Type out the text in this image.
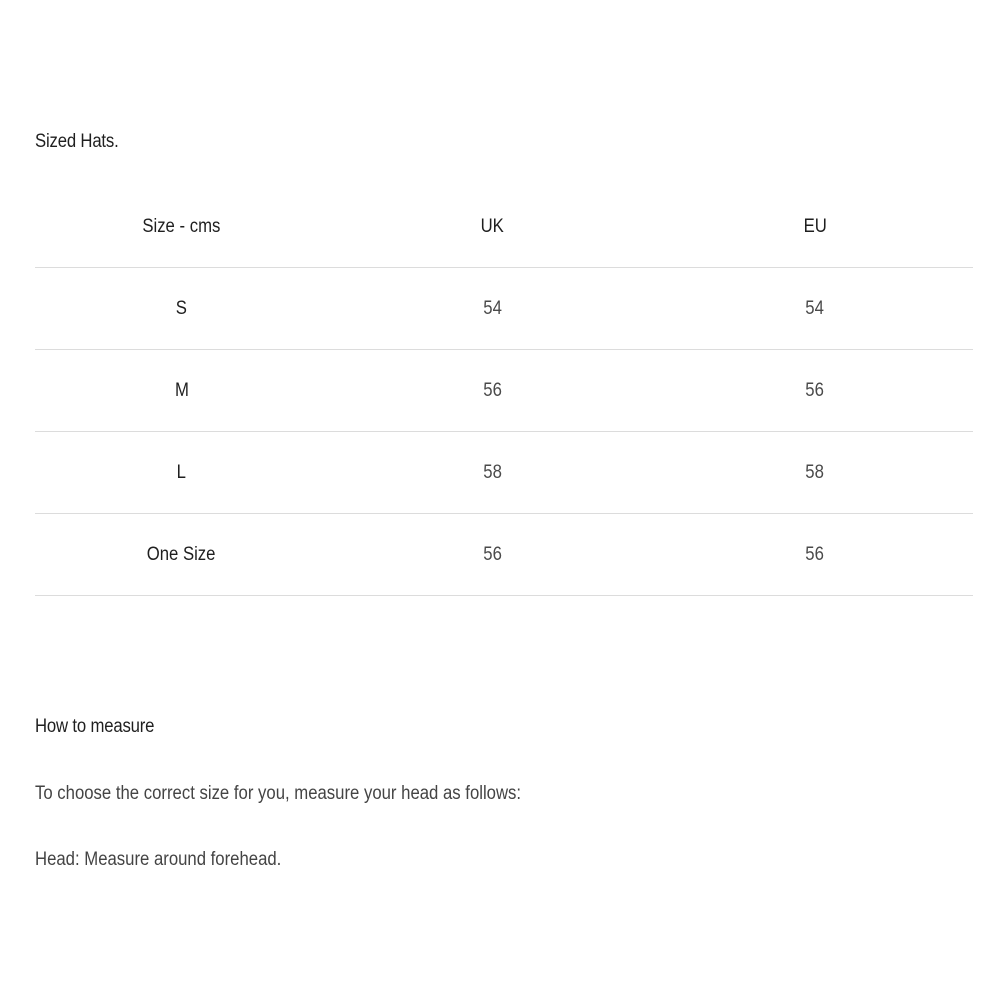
Sized Hats.
Size - cms	UK	EU
S	54	54
M	56	56
L	58	58
One Size	56	56
How to measure

To choose the correct size for you, measure your head as follows:

Head: Measure around forehead.
